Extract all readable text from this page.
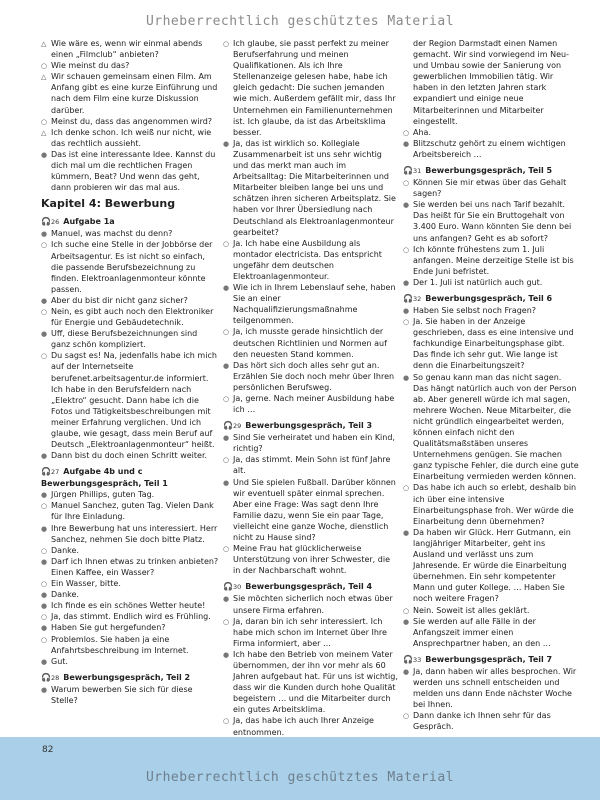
Urheberrechtlich geschütztes Material
△
Wie wäre es, wenn wir einmal abends einen „Filmclub“ anbieten?
○
Wie meinst du das?
△
Wir schauen gemeinsam einen Film. Am Anfang gibt es eine kurze Einführung und nach dem Film eine kurze Diskussion darüber.
○
Meinst du, dass das angenommen wird?
△
Ich denke schon. Ich weiß nur nicht, wie das rechtlich aussieht.
●
Das ist eine interessante Idee. Kannst du dich mal um die rechtlichen Fragen kümmern, Beat? Und wenn das geht, dann probieren wir das mal aus.
Kapitel 4: Bewerbung
🎧26 Aufgabe 1a
●
Manuel, was machst du denn?
○
Ich suche eine Stelle in der Jobbörse der Arbeitsagentur. Es ist nicht so einfach, die passende Berufsbezeichnung zu finden. Elektroanlagenmonteur könnte passen.
●
Aber du bist dir nicht ganz sicher?
○
Nein, es gibt auch noch den Elektroniker für Energie und Gebäudetechnik.
●
Uff, diese Berufsbezeichnungen sind ganz schön kompliziert.
○
Du sagst es! Na, jedenfalls habe ich mich auf der Internetseite berufenet.arbeitsagentur.de informiert. Ich habe in den Berufsfeldern nach „Elektro“ gesucht. Dann habe ich die Fotos und Tätigkeitsbeschreibungen mit meiner Erfahrung verglichen. Und ich glaube, wie gesagt, dass mein Beruf auf Deutsch „Elektroanlagenmonteur“ heißt.
●
Dann bist du doch einen Schritt weiter.
🎧27 Aufgabe 4b und c
Bewerbungsgespräch, Teil 1
●
Jürgen Phillips, guten Tag.
○
Manuel Sanchez, guten Tag. Vielen Dank für Ihre Einladung.
●
Ihre Bewerbung hat uns interessiert. Herr Sanchez, nehmen Sie doch bitte Platz.
○
Danke.
●
Darf ich Ihnen etwas zu trinken anbieten? Einen Kaffee, ein Wasser?
○
Ein Wasser, bitte.
●
Danke.
●
Ich finde es ein schönes Wetter heute!
○
Ja, das stimmt. Endlich wird es Frühling.
●
Haben Sie gut hergefunden?
○
Problemlos. Sie haben ja eine Anfahrtsbeschreibung im Internet.
●
Gut.
🎧28 Bewerbungsgespräch, Teil 2
●
Warum bewerben Sie sich für diese Stelle?
○
Ich glaube, sie passt perfekt zu meiner Berufserfahrung und meinen Qualifikationen. Als ich Ihre Stellenanzeige gelesen habe, habe ich gleich gedacht: Die suchen jemanden wie mich. Außerdem gefällt mir, dass Ihr Unternehmen ein Familienunternehmen ist. Ich glaube, da ist das Arbeitsklima besser.
●
Ja, das ist wirklich so. Kollegiale Zusammenarbeit ist uns sehr wichtig und das merkt man auch im Arbeitsalltag: Die Mitarbeiterinnen und Mitarbeiter bleiben lange bei uns und schätzen ihren sicheren Arbeitsplatz. Sie haben vor Ihrer Übersiedlung nach Deutschland als Elektroanlagenmonteur gearbeitet?
○
Ja. Ich habe eine Ausbildung als montador electricista. Das entspricht ungefähr dem deutschen Elektroanlagenmonteur.
●
Wie ich in Ihrem Lebenslauf sehe, haben Sie an einer Nachqualifizierungsmaßnahme teilgenommen.
○
Ja, ich musste gerade hinsichtlich der deutschen Richtlinien und Normen auf den neuesten Stand kommen.
●
Das hört sich doch alles sehr gut an. Erzählen Sie doch noch mehr über Ihren persönlichen Berufsweg.
○
Ja, gerne. Nach meiner Ausbildung habe ich …
🎧29 Bewerbungsgespräch, Teil 3
●
Sind Sie verheiratet und haben ein Kind, richtig?
○
Ja, das stimmt. Mein Sohn ist fünf Jahre alt.
●
Und Sie spielen Fußball. Darüber können wir eventuell später einmal sprechen. Aber eine Frage: Was sagt denn Ihre Familie dazu, wenn Sie ein paar Tage, vielleicht eine ganze Woche, dienstlich nicht zu Hause sind?
○
Meine Frau hat glücklicherweise Unterstützung von ihrer Schwester, die in der Nachbarschaft wohnt.
🎧30 Bewerbungsgespräch, Teil 4
●
Sie möchten sicherlich noch etwas über unsere Firma erfahren.
○
Ja, daran bin ich sehr interessiert. Ich habe mich schon im Internet über Ihre Firma informiert, aber …
●
Ich habe den Betrieb von meinem Vater übernommen, der ihn vor mehr als 60 Jahren aufgebaut hat. Für uns ist wichtig, dass wir die Kunden durch hohe Qualität begeistern … und die Mitarbeiter durch ein gutes Arbeitsklima.
○
Ja, das habe ich auch Ihrer Anzeige entnommen.
●
der Region Darmstadt einen Namen gemacht. Wir sind vorwiegend im Neu- und Umbau sowie der Sanierung von gewerblichen Immobilien tätig. Wir haben in den letzten Jahren stark expandiert und einige neue Mitarbeiterinnen und Mitarbeiter eingestellt.
○
Aha.
●
Blitzschutz gehört zu einem wichtigen Arbeitsbereich …
🎧31 Bewerbungsgespräch, Teil 5
○
Können Sie mir etwas über das Gehalt sagen?
●
Sie werden bei uns nach Tarif bezahlt. Das heißt für Sie ein Bruttogehalt von 3.400 Euro. Wann könnten Sie denn bei uns anfangen? Geht es ab sofort?
○
Ich könnte frühestens zum 1. Juli anfangen. Meine derzeitige Stelle ist bis Ende Juni befristet.
●
Der 1. Juli ist natürlich auch gut.
🎧32 Bewerbungsgespräch, Teil 6
●
Haben Sie selbst noch Fragen?
○
Ja. Sie haben in der Anzeige geschrieben, dass es eine intensive und fachkundige Einarbeitungsphase gibt. Das finde ich sehr gut. Wie lange ist denn die Einarbeitungszeit?
●
So genau kann man das nicht sagen. Das hängt natürlich auch von der Person ab. Aber generell würde ich mal sagen, mehrere Wochen. Neue Mitarbeiter, die nicht gründlich eingearbeitet werden, können einfach nicht den Qualitätsmaßstäben unseres Unternehmens genügen. Sie machen ganz typische Fehler, die durch eine gute Einarbeitung vermieden werden können.
○
Das habe ich auch so erlebt, deshalb bin ich über eine intensive Einarbeitungsphase froh. Wer würde die Einarbeitung denn übernehmen?
●
Da haben wir Glück. Herr Gutmann, ein langjähriger Mitarbeiter, geht ins Ausland und verlässt uns zum Jahresende. Er würde die Einarbeitung übernehmen. Ein sehr kompetenter Mann und guter Kollege. … Haben Sie noch weitere Fragen?
○
Nein. Soweit ist alles geklärt.
●
Sie werden auf alle Fälle in der Anfangszeit immer einen Ansprechpartner haben, an den …
🎧33 Bewerbungsgespräch, Teil 7
●
Ja, dann haben wir alles besprochen. Wir werden uns schnell entscheiden und melden uns dann Ende nächster Woche bei Ihnen.
○
Dann danke ich Ihnen sehr für das Gespräch.
82
Urheberrechtlich geschütztes Material
